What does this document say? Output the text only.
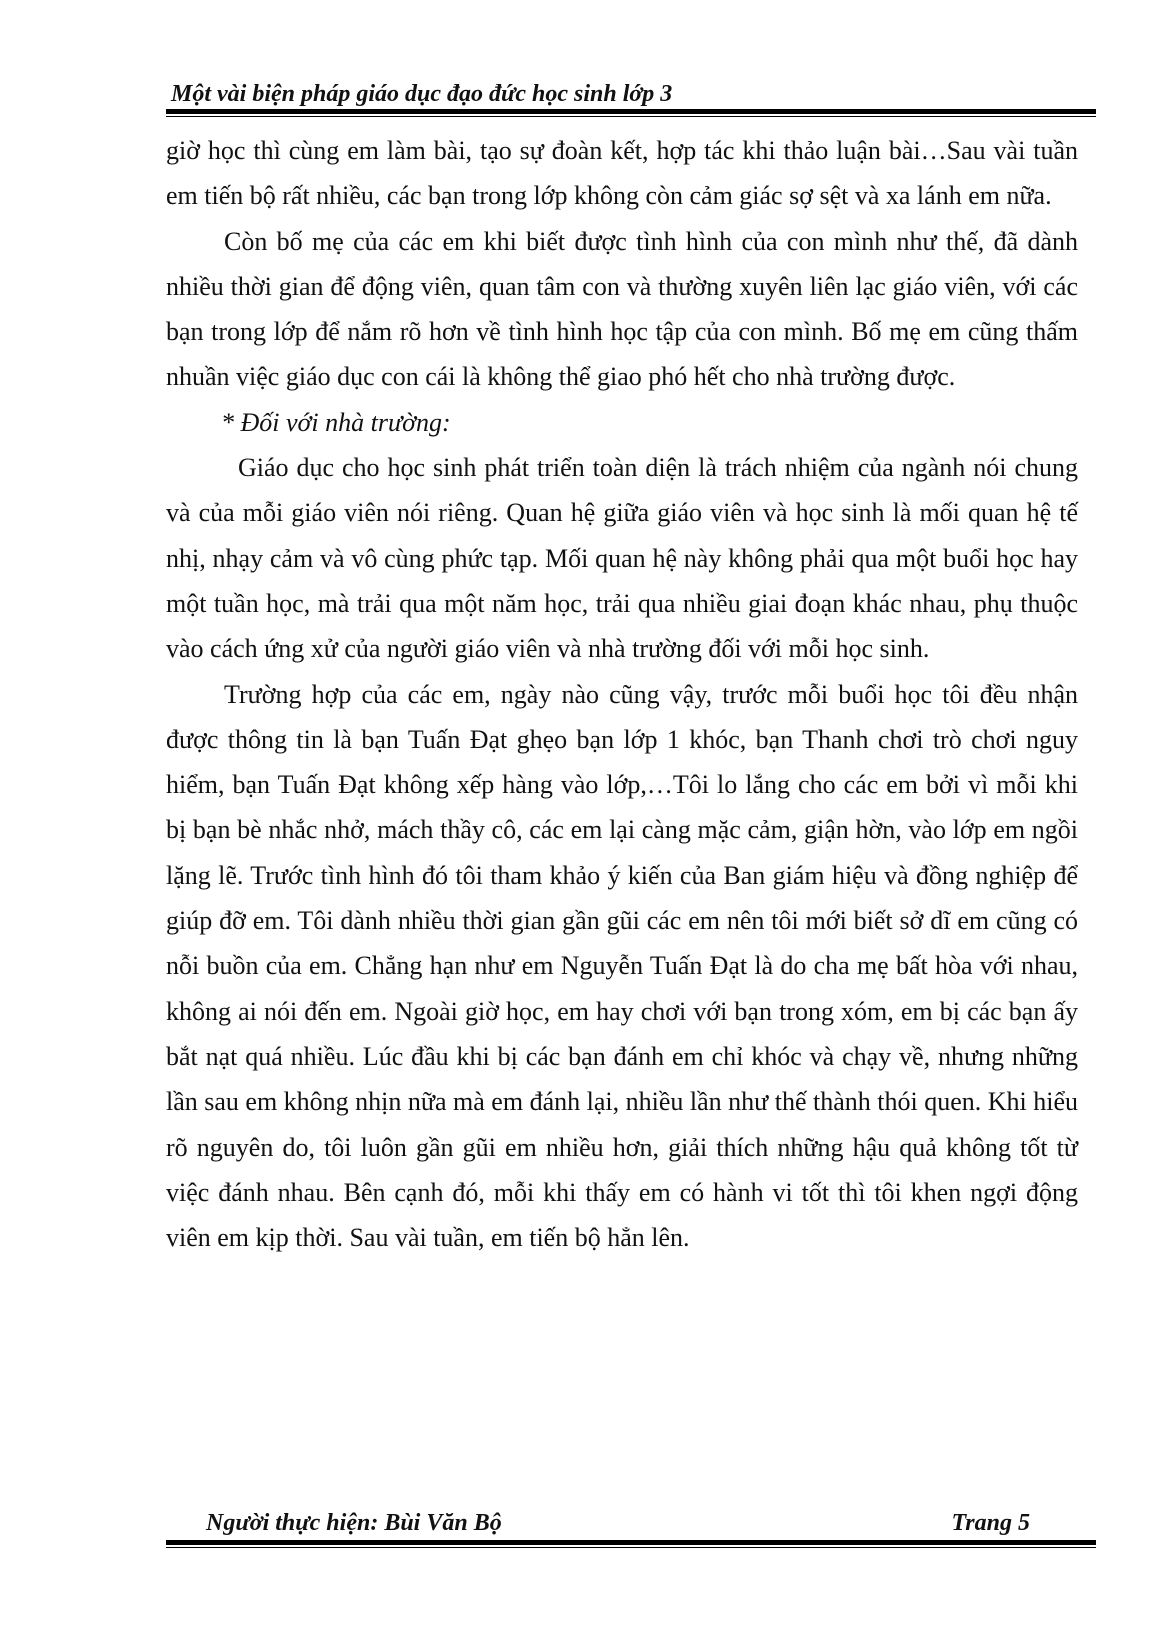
Một vài biện pháp giáo dục đạo đức học sinh lớp 3

giờ học thì cùng em làm bài, tạo sự đoàn kết, hợp tác khi thảo luận bài…Sau vài tuần em tiến bộ rất nhiều, các bạn trong lớp không còn cảm giác sợ sệt và xa lánh em nữa.

Còn bố mẹ của các em khi biết được tình hình của con mình như thế, đã dành nhiều thời gian để động viên, quan tâm con và thường xuyên liên lạc giáo viên, với các bạn trong lớp để nắm rõ hơn về tình hình học tập của con mình. Bố mẹ em cũng thấm nhuần việc giáo dục con cái là không thể giao phó hết cho nhà trường được.

* Đối với nhà trường:

Giáo dục cho học sinh phát triển toàn diện là trách nhiệm của ngành nói chung và của mỗi giáo viên nói riêng. Quan hệ giữa giáo viên và học sinh là mối quan hệ tế nhị, nhạy cảm và vô cùng phức tạp. Mối quan hệ này không phải qua một buổi học hay một tuần học, mà trải qua một năm học, trải qua nhiều giai đoạn khác nhau, phụ thuộc vào cách ứng xử của người giáo viên và nhà trường đối với mỗi học sinh.

Trường hợp của các em, ngày nào cũng vậy, trước mỗi buổi học tôi đều nhận được thông tin là bạn Tuấn Đạt ghẹo bạn lớp 1 khóc, bạn Thanh chơi trò chơi nguy hiểm, bạn Tuấn Đạt không xếp hàng vào lớp,…Tôi lo lắng cho các em bởi vì mỗi khi bị bạn bè nhắc nhở, mách thầy cô, các em lại càng mặc cảm, giận hờn, vào lớp em ngồi lặng lẽ. Trước tình hình đó tôi tham khảo ý kiến của Ban giám hiệu và đồng nghiệp để giúp đỡ em. Tôi dành nhiều thời gian gần gũi các em nên tôi mới biết sở dĩ em cũng có nỗi buồn của em. Chẳng hạn như em Nguyễn Tuấn Đạt là do cha mẹ bất hòa với nhau, không ai nói đến em. Ngoài giờ học, em hay chơi với bạn trong xóm, em bị các bạn ấy bắt nạt quá nhiều. Lúc đầu khi bị các bạn đánh em chỉ khóc và chạy về, nhưng những lần sau em không nhịn nữa mà em đánh lại, nhiều lần như thế thành thói quen. Khi hiểu rõ nguyên do, tôi luôn gần gũi em nhiều hơn, giải thích những hậu quả không tốt từ việc đánh nhau. Bên cạnh đó, mỗi khi thấy em có hành vi tốt thì tôi khen ngợi động viên em kịp thời. Sau vài tuần, em tiến bộ hẳn lên.

Người thực hiện: Bùi Văn Bộ	Trang 5
